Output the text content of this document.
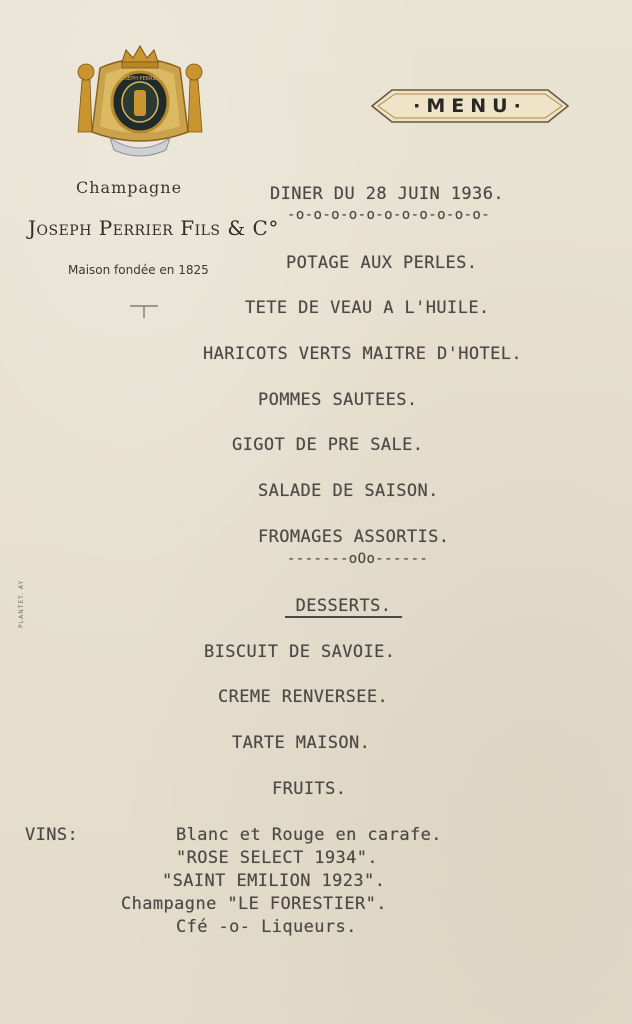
JOSEPH PERRIER
Champagne
Joseph Perrier Fils & C°
Maison fondée en 1825
PLANTET. AY
·MENU·
DINER DU 28 JUIN 1936.
-o-o-o-o-o-o-o-o-o-o-o-
POTAGE AUX PERLES.
TETE DE VEAU A L'HUILE.
HARICOTS VERTS MAITRE D'HOTEL.
POMMES SAUTEES.
GIGOT DE PRE SALE.
SALADE DE SAISON.
FROMAGES ASSORTIS.
-------oOo------
DESSERTS.
BISCUIT DE SAVOIE.
CREME RENVERSEE.
TARTE MAISON.
FRUITS.
VINS:	Blanc et Rouge en carafe.
"ROSE SELECT 1934".
"SAINT EMILION 1923".
Champagne "LE FORESTIER".
Cfé -o- Liqueurs.
